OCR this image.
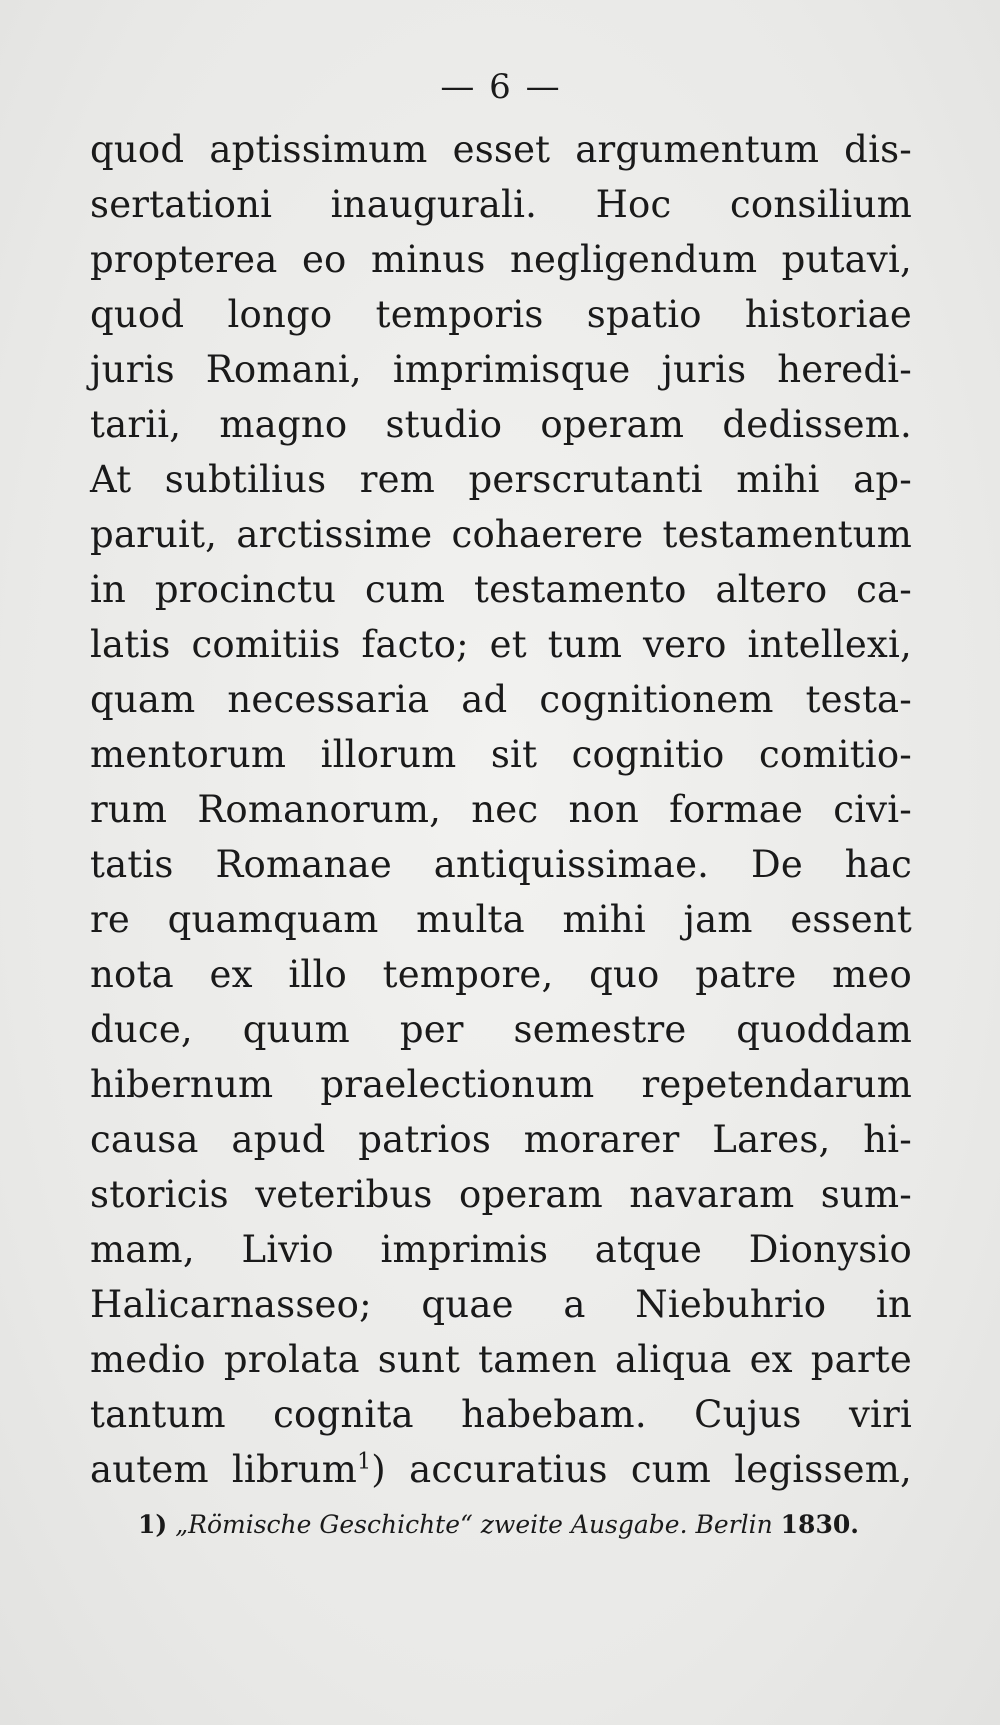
— 6 —
quod aptissimum esset argumentum dis-
sertationi inaugurali. Hoc consilium
propterea eo minus negligendum putavi,
quod longo temporis spatio historiae
juris Romani, imprimisque juris heredi-
tarii, magno studio operam dedissem.
At subtilius rem perscrutanti mihi ap-
paruit, arctissime cohaerere testamentum
in procinctu cum testamento altero ca-
latis comitiis facto; et tum vero intellexi,
quam necessaria ad cognitionem testa-
mentorum illorum sit cognitio comitio-
rum Romanorum, nec non formae civi-
tatis Romanae antiquissimae. De hac
re quamquam multa mihi jam essent
nota ex illo tempore, quo patre meo
duce, quum per semestre quoddam
hibernum praelectionum repetendarum
causa apud patrios morarer Lares, hi-
storicis veteribus operam navaram sum-
mam, Livio imprimis atque Dionysio
Halicarnasseo; quae a Niebuhrio in
medio prolata sunt tamen aliqua ex parte
tantum cognita habebam. Cujus viri
autem librum$^1$) accuratius cum legissem,
1) „Römische Geschichte“ zweite Ausgabe. Berlin 1830.
